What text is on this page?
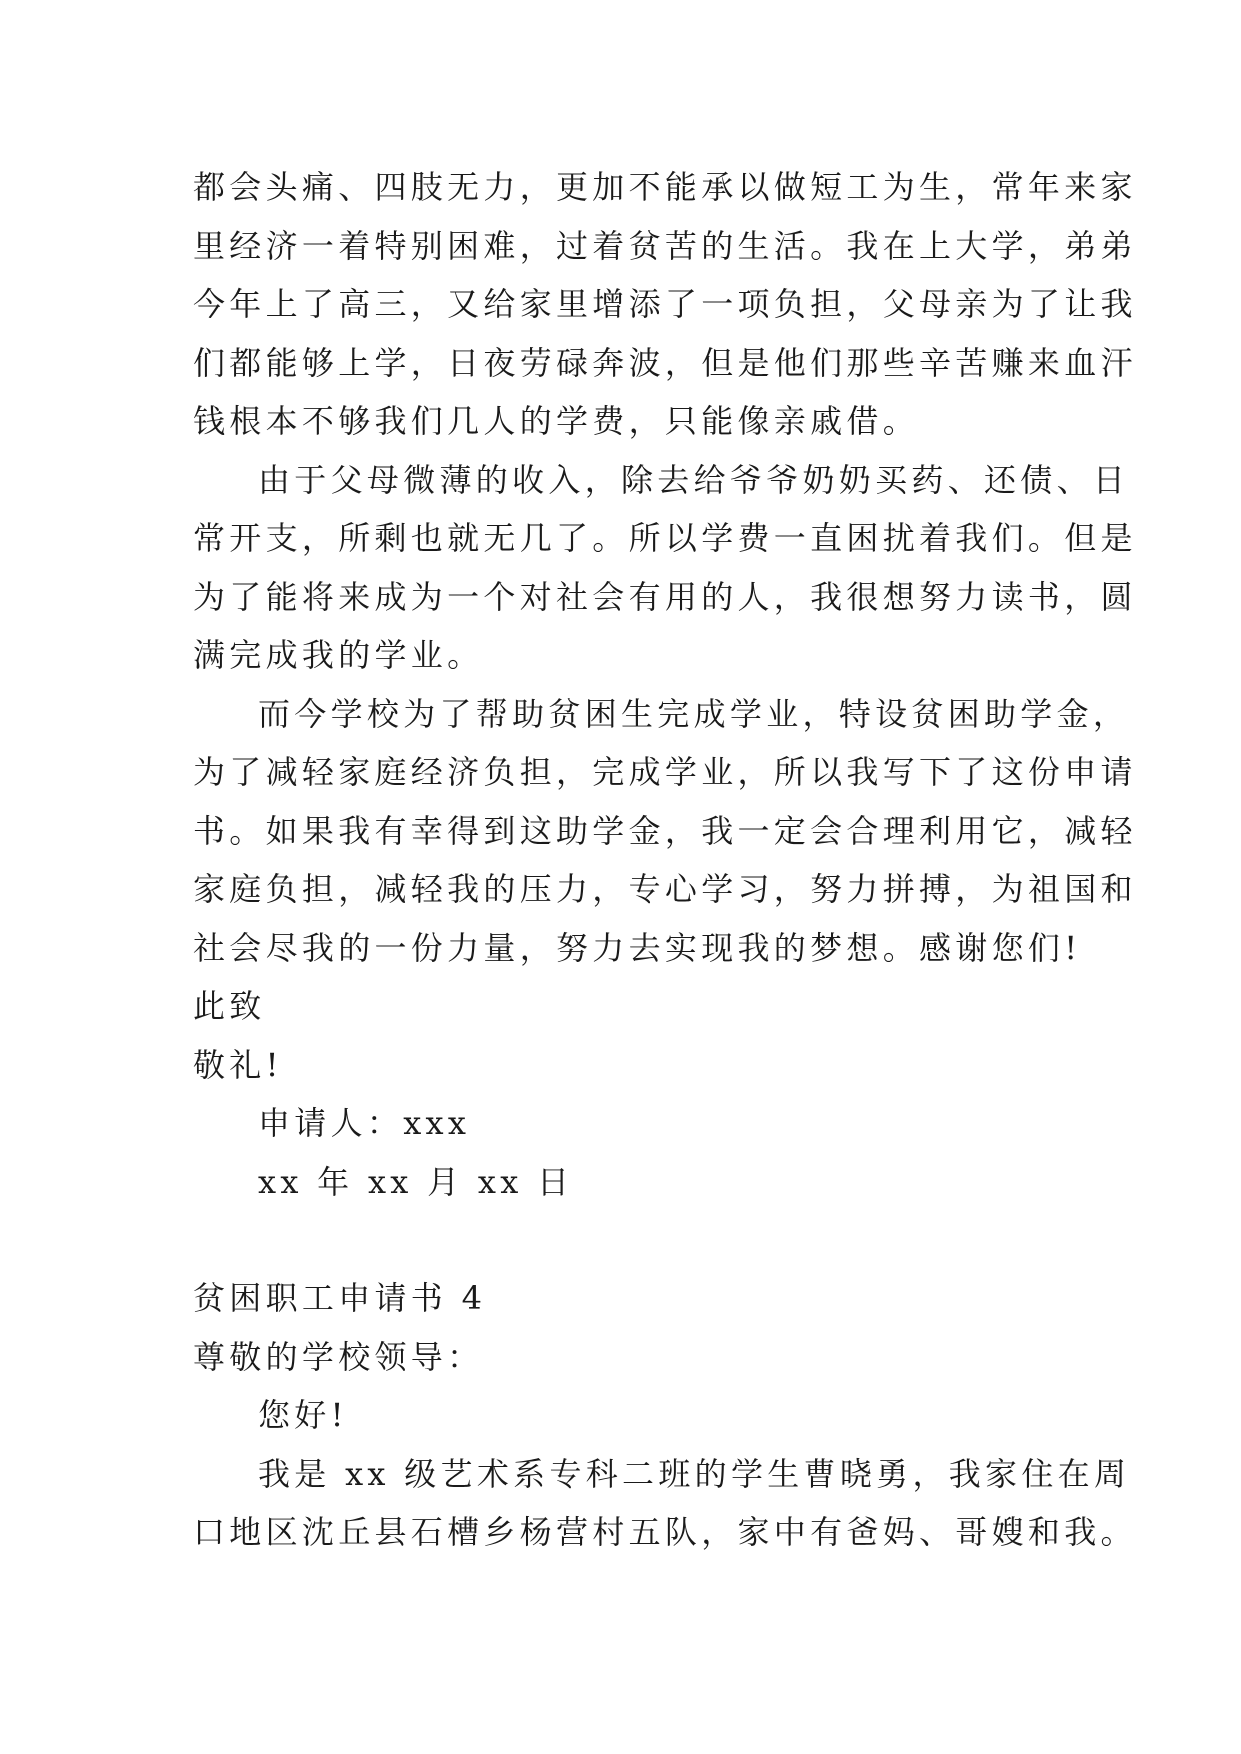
都会头痛、四肢无力，更加不能承以做短工为生，常年来家
里经济一着特别困难，过着贫苦的生活。我在上大学，弟弟
今年上了高三，又给家里增添了一项负担，父母亲为了让我
们都能够上学，日夜劳碌奔波，但是他们那些辛苦赚来血汗
钱根本不够我们几人的学费，只能像亲戚借。
由于父母微薄的收入，除去给爷爷奶奶买药、还债、日
常开支，所剩也就无几了。所以学费一直困扰着我们。但是
为了能将来成为一个对社会有用的人，我很想努力读书，圆
满完成我的学业。
而今学校为了帮助贫困生完成学业，特设贫困助学金，
为了减轻家庭经济负担，完成学业，所以我写下了这份申请
书。如果我有幸得到这助学金，我一定会合理利用它，减轻
家庭负担，减轻我的压力，专心学习，努力拼搏，为祖国和
社会尽我的一份力量，努力去实现我的梦想。感谢您们!
此致
敬礼!
申请人：xxx
xx 年 xx 月 xx 日
贫困职工申请书 4
尊敬的学校领导：
您好!
我是 xx 级艺术系专科二班的学生曹晓勇，我家住在周
口地区沈丘县石槽乡杨营村五队，家中有爸妈、哥嫂和我。
